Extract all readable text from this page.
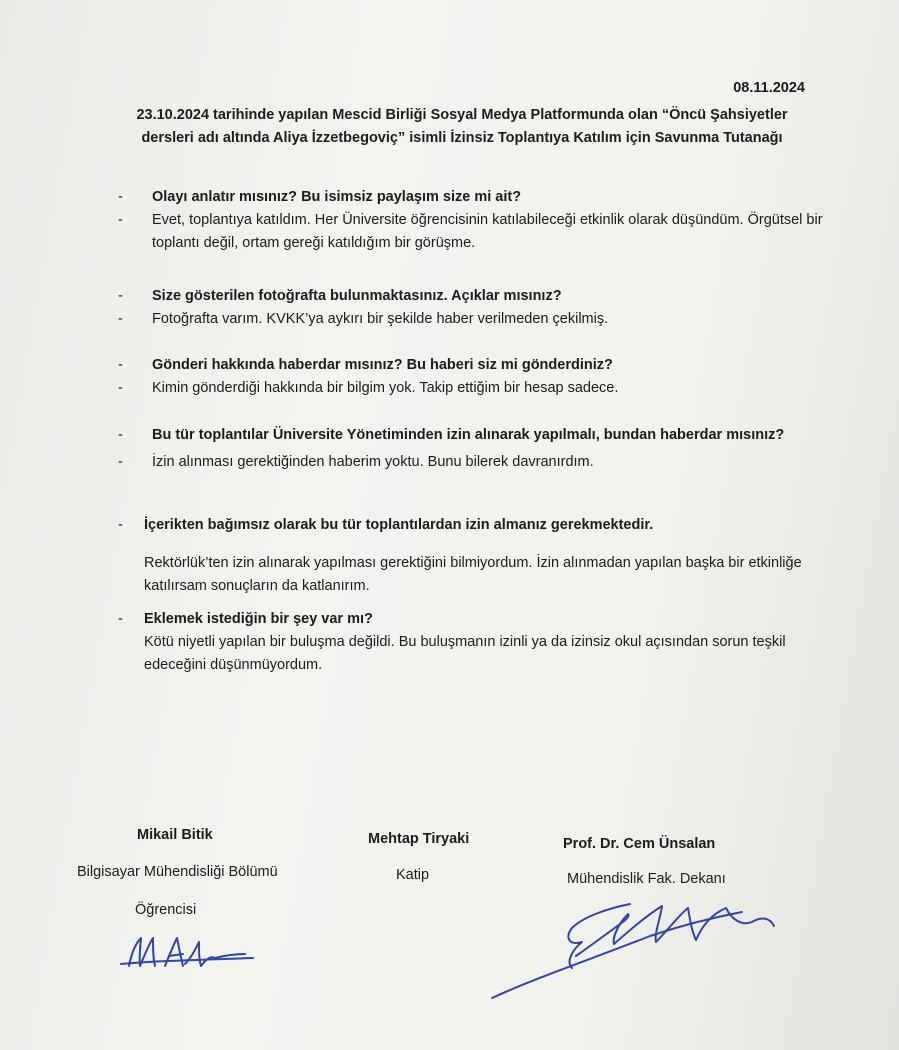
08.11.2024
23.10.2024 tarihinde yapılan Mescid Birliği Sosyal Medya Platformunda olan “Öncü Şahsiyetler dersleri adı altında Aliya İzzetbegoviç” isimli İzinsiz Toplantıya Katılım için Savunma Tutanağı
-	Olayı anlatır mısınız? Bu isimsiz paylaşım size mi ait?
-	Evet, toplantıya katıldım. Her Üniversite öğrencisinin katılabileceği etkinlik olarak düşündüm. Örgütsel bir toplantı değil, ortam gereği katıldığım bir görüşme.
-	Size gösterilen fotoğrafta bulunmaktasınız. Açıklar mısınız?
-	Fotoğrafta varım. KVKK’ya aykırı bir şekilde haber verilmeden çekilmiş.
-	Gönderi hakkında haberdar mısınız? Bu haberi siz mi gönderdiniz?
-	Kimin gönderdiği hakkında bir bilgim yok. Takip ettiğim bir hesap sadece.
-	Bu tür toplantılar Üniversite Yönetiminden izin alınarak yapılmalı, bundan haberdar mısınız?
-	İzin alınması gerektiğinden haberim yoktu. Bunu bilerek davranırdım.
-	İçerikten bağımsız olarak bu tür toplantılardan izin almanız gerekmektedir.
Rektörlük’ten izin alınarak yapılması gerektiğini bilmiyordum. İzin alınmadan yapılan başka bir etkinliğe katılırsam sonuçların da katlanırım.
-	Eklemek istediğin bir şey var mı?
Kötü niyetli yapılan bir buluşma değildi. Bu buluşmanın izinli ya da izinsiz okul açısından sorun teşkil edeceğini düşünmüyordum.
Mikail Bitik
Bilgisayar Mühendisliği Bölümü
Öğrencisi
Mehtap Tiryaki
Katip
Prof. Dr. Cem Ünsalan
Mühendislik Fak. Dekanı
